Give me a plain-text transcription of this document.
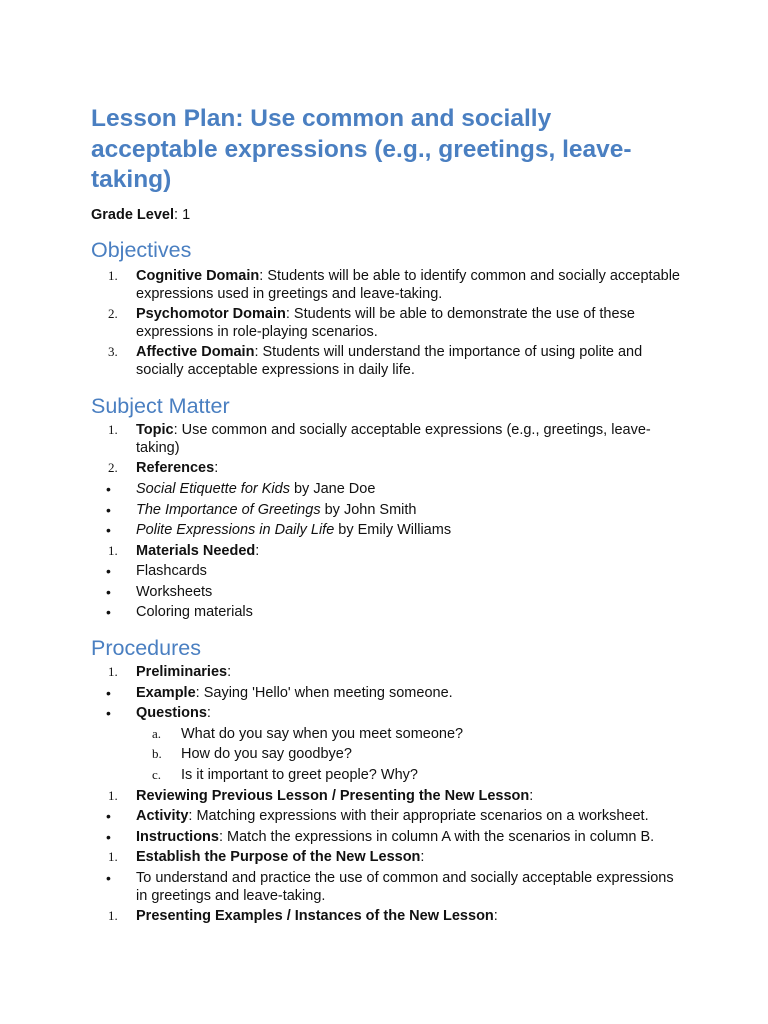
Lesson Plan: Use common and socially acceptable expressions (e.g., greetings, leave-taking)
Grade Level: 1
Objectives
1. Cognitive Domain: Students will be able to identify common and socially acceptable expressions used in greetings and leave-taking.
2. Psychomotor Domain: Students will be able to demonstrate the use of these expressions in role-playing scenarios.
3. Affective Domain: Students will understand the importance of using polite and socially acceptable expressions in daily life.
Subject Matter
1. Topic: Use common and socially acceptable expressions (e.g., greetings, leave-taking)
2. References:
• Social Etiquette for Kids by Jane Doe
• The Importance of Greetings by John Smith
• Polite Expressions in Daily Life by Emily Williams
1. Materials Needed:
• Flashcards
• Worksheets
• Coloring materials
Procedures
1. Preliminaries:
• Example: Saying 'Hello' when meeting someone.
• Questions:
a. What do you say when you meet someone?
b. How do you say goodbye?
c. Is it important to greet people? Why?
1. Reviewing Previous Lesson / Presenting the New Lesson:
• Activity: Matching expressions with their appropriate scenarios on a worksheet.
• Instructions: Match the expressions in column A with the scenarios in column B.
1. Establish the Purpose of the New Lesson:
• To understand and practice the use of common and socially acceptable expressions in greetings and leave-taking.
1. Presenting Examples / Instances of the New Lesson:
